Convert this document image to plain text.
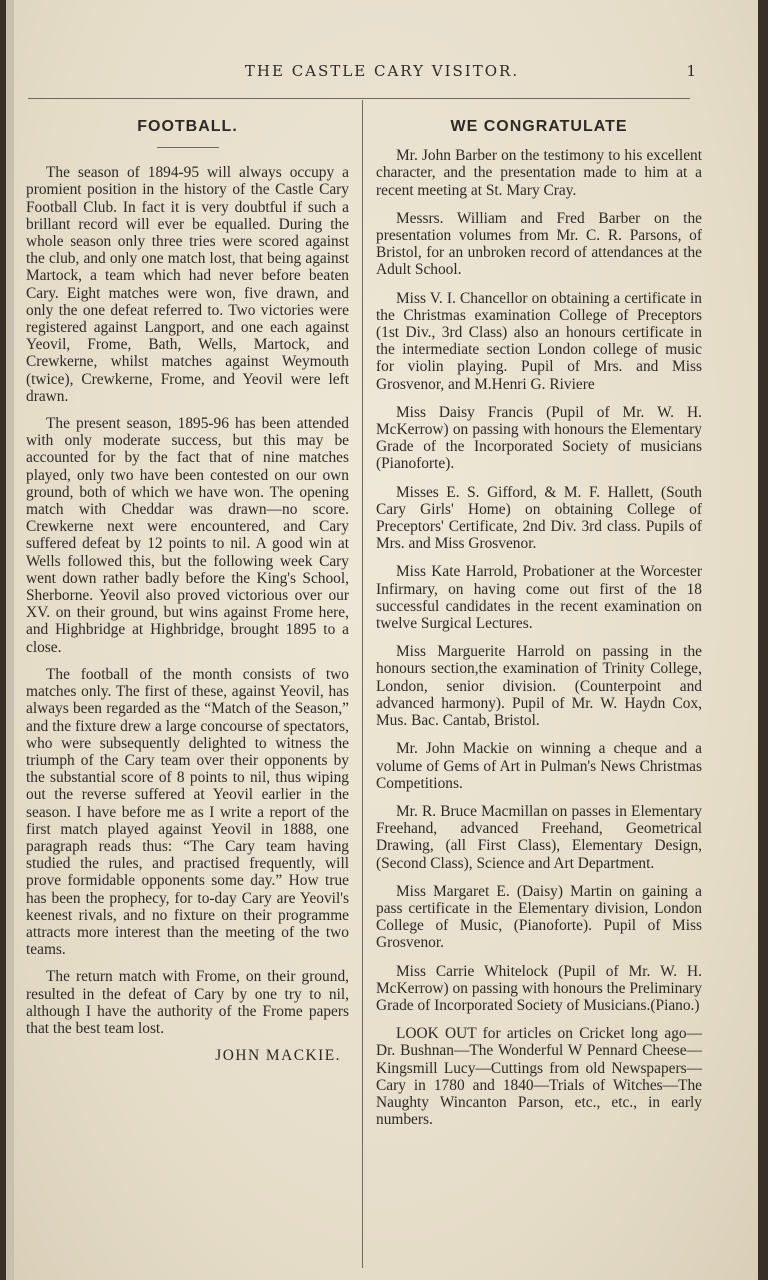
THE CASTLE CARY VISITOR.	1
FOOTBALL.

The season of 1894-95 will always occupy a promient position in the history of the Castle Cary Football Club. In fact it is very doubtful if such a brillant record will ever be equalled. During the whole season only three tries were scored against the club, and only one match lost, that being against Martock, a team which had never before beaten Cary. Eight matches were won, five drawn, and only the one defeat referred to. Two victories were registered against Langport, and one each against Yeovil, Frome, Bath, Wells, Martock, and Crewkerne, whilst matches against Weymouth (twice), Crewkerne, Frome, and Yeovil were left drawn.

The present season, 1895-96 has been attended with only moderate success, but this may be accounted for by the fact that of nine matches played, only two have been contested on our own ground, both of which we have won. The opening match with Cheddar was drawn—no score. Crewkerne next were encountered, and Cary suffered defeat by 12 points to nil. A good win at Wells followed this, but the following week Cary went down rather badly before the King's School, Sherborne. Yeovil also proved victorious over our XV. on their ground, but wins against Frome here, and Highbridge at Highbridge, brought 1895 to a close.

The football of the month consists of two matches only. The first of these, against Yeovil, has always been regarded as the “Match of the Season,” and the fixture drew a large concourse of spectators, who were subsequently delighted to witness the triumph of the Cary team over their opponents by the substantial score of 8 points to nil, thus wiping out the reverse suffered at Yeovil earlier in the season. I have before me as I write a report of the first match played against Yeovil in 1888, one paragraph reads thus: “The Cary team having studied the rules, and practised frequently, will prove formidable opponents some day.” How true has been the prophecy, for to-day Cary are Yeovil's keenest rivals, and no fixture on their programme attracts more interest than the meeting of the two teams.

The return match with Frome, on their ground, resulted in the defeat of Cary by one try to nil, although I have the authority of the Frome papers that the best team lost.

JOHN MACKIE.
WE CONGRATULATE

Mr. John Barber on the testimony to his excellent character, and the presentation made to him at a recent meeting at St. Mary Cray.

Messrs. William and Fred Barber on the presentation volumes from Mr. C. R. Parsons, of Bristol, for an unbroken record of attendances at the Adult School.

Miss V. I. Chancellor on obtaining a certificate in the Christmas examination College of Preceptors (1st Div., 3rd Class) also an honours certificate in the intermediate section London college of music for violin playing. Pupil of Mrs. and Miss Grosvenor, and M.Henri G. Riviere

Miss Daisy Francis (Pupil of Mr. W. H. McKerrow) on passing with honours the Elementary Grade of the Incorporated Society of musicians (Pianoforte).

Misses E. S. Gifford, & M. F. Hallett, (South Cary Girls' Home) on obtaining College of Preceptors' Certificate, 2nd Div. 3rd class. Pupils of Mrs. and Miss Grosvenor.

Miss Kate Harrold, Probationer at the Worcester Infirmary, on having come out first of the 18 successful candidates in the recent examination on twelve Surgical Lectures.

Miss Marguerite Harrold on passing in the honours section,the examination of Trinity College, London, senior division. (Counterpoint and advanced harmony). Pupil of Mr. W. Haydn Cox, Mus. Bac. Cantab, Bristol.

Mr. John Mackie on winning a cheque and a volume of Gems of Art in Pulman's News Christmas Competitions.

Mr. R. Bruce Macmillan on passes in Elementary Freehand, advanced Freehand, Geometrical Drawing, (all First Class), Elementary Design, (Second Class), Science and Art Department.

Miss Margaret E. (Daisy) Martin on gaining a pass certificate in the Elementary division, London College of Music, (Pianoforte). Pupil of Miss Grosvenor.

Miss Carrie Whitelock (Pupil of Mr. W. H. McKerrow) on passing with honours the Preliminary Grade of Incorporated Society of Musicians.(Piano.)

LOOK OUT for articles on Cricket long ago—Dr. Bushnan—The Wonderful W Pennard Cheese—Kingsmill Lucy—Cuttings from old Newspapers—Cary in 1780 and 1840—Trials of Witches—The Naughty Wincanton Parson, etc., etc., in early numbers.
